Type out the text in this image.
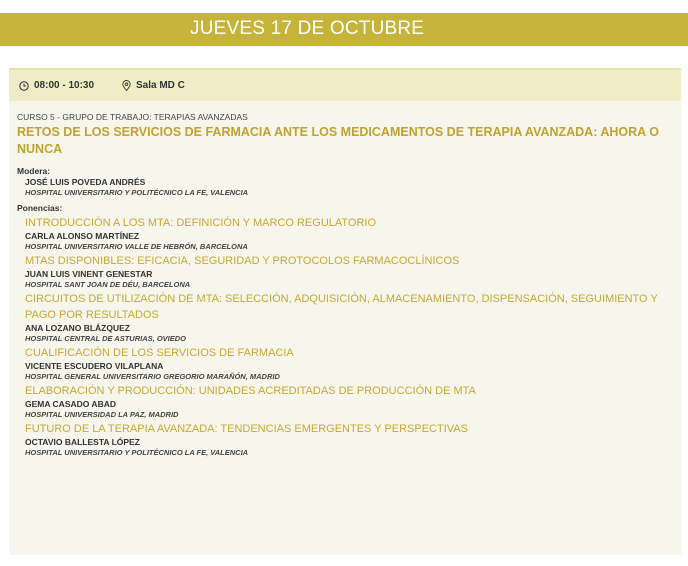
JUEVES 17 DE OCTUBRE
08:00 - 10:30	Sala MD C
CURSO 5 - GRUPO DE TRABAJO: TERAPIAS AVANZADAS
RETOS DE LOS SERVICIOS DE FARMACIA ANTE LOS MEDICAMENTOS DE TERAPIA AVANZADA: AHORA O NUNCA
Modera:
JOSÉ LUIS POVEDA ANDRÉS
HOSPITAL UNIVERSITARIO Y POLITÉCNICO LA FE, VALENCIA
Ponencias:
INTRODUCCIÓN A LOS MTA: DEFINICIÓN Y MARCO REGULATORIO
CARLA ALONSO MARTÍNEZ
HOSPITAL UNIVERSITARIO VALLE DE HEBRÓN, BARCELONA
MTAS DISPONIBLES: EFICACIA, SEGURIDAD Y PROTOCOLOS FARMACOCLÍNICOS
JUAN LUIS VINENT GENESTAR
HOSPITAL SANT JOAN DE DÉU, BARCELONA
CIRCUITOS DE UTILIZACIÓN DE MTA: SELECCIÓN, ADQUISICIÓN, ALMACENAMIENTO, DISPENSACIÓN, SEGUIMIENTO Y PAGO POR RESULTADOS
ANA LOZANO BLÁZQUEZ
HOSPITAL CENTRAL DE ASTURIAS, OVIEDO
CUALIFICACIÓN DE LOS SERVICIOS DE FARMACIA
VICENTE ESCUDERO VILAPLANA
HOSPITAL GENERAL UNIVERSITARIO GREGORIO MARAÑÓN, MADRID
ELABORACIÓN Y PRODUCCIÓN: UNIDADES ACREDITADAS DE PRODUCCIÓN DE MTA
GEMA CASADO ABAD
HOSPITAL UNIVERSIDAD LA PAZ, MADRID
FUTURO DE LA TERAPIA AVANZADA: TENDENCIAS EMERGENTES Y PERSPECTIVAS
OCTAVIO BALLESTA LÓPEZ
HOSPITAL UNIVERSITARIO Y POLITÉCNICO LA FE, VALENCIA
